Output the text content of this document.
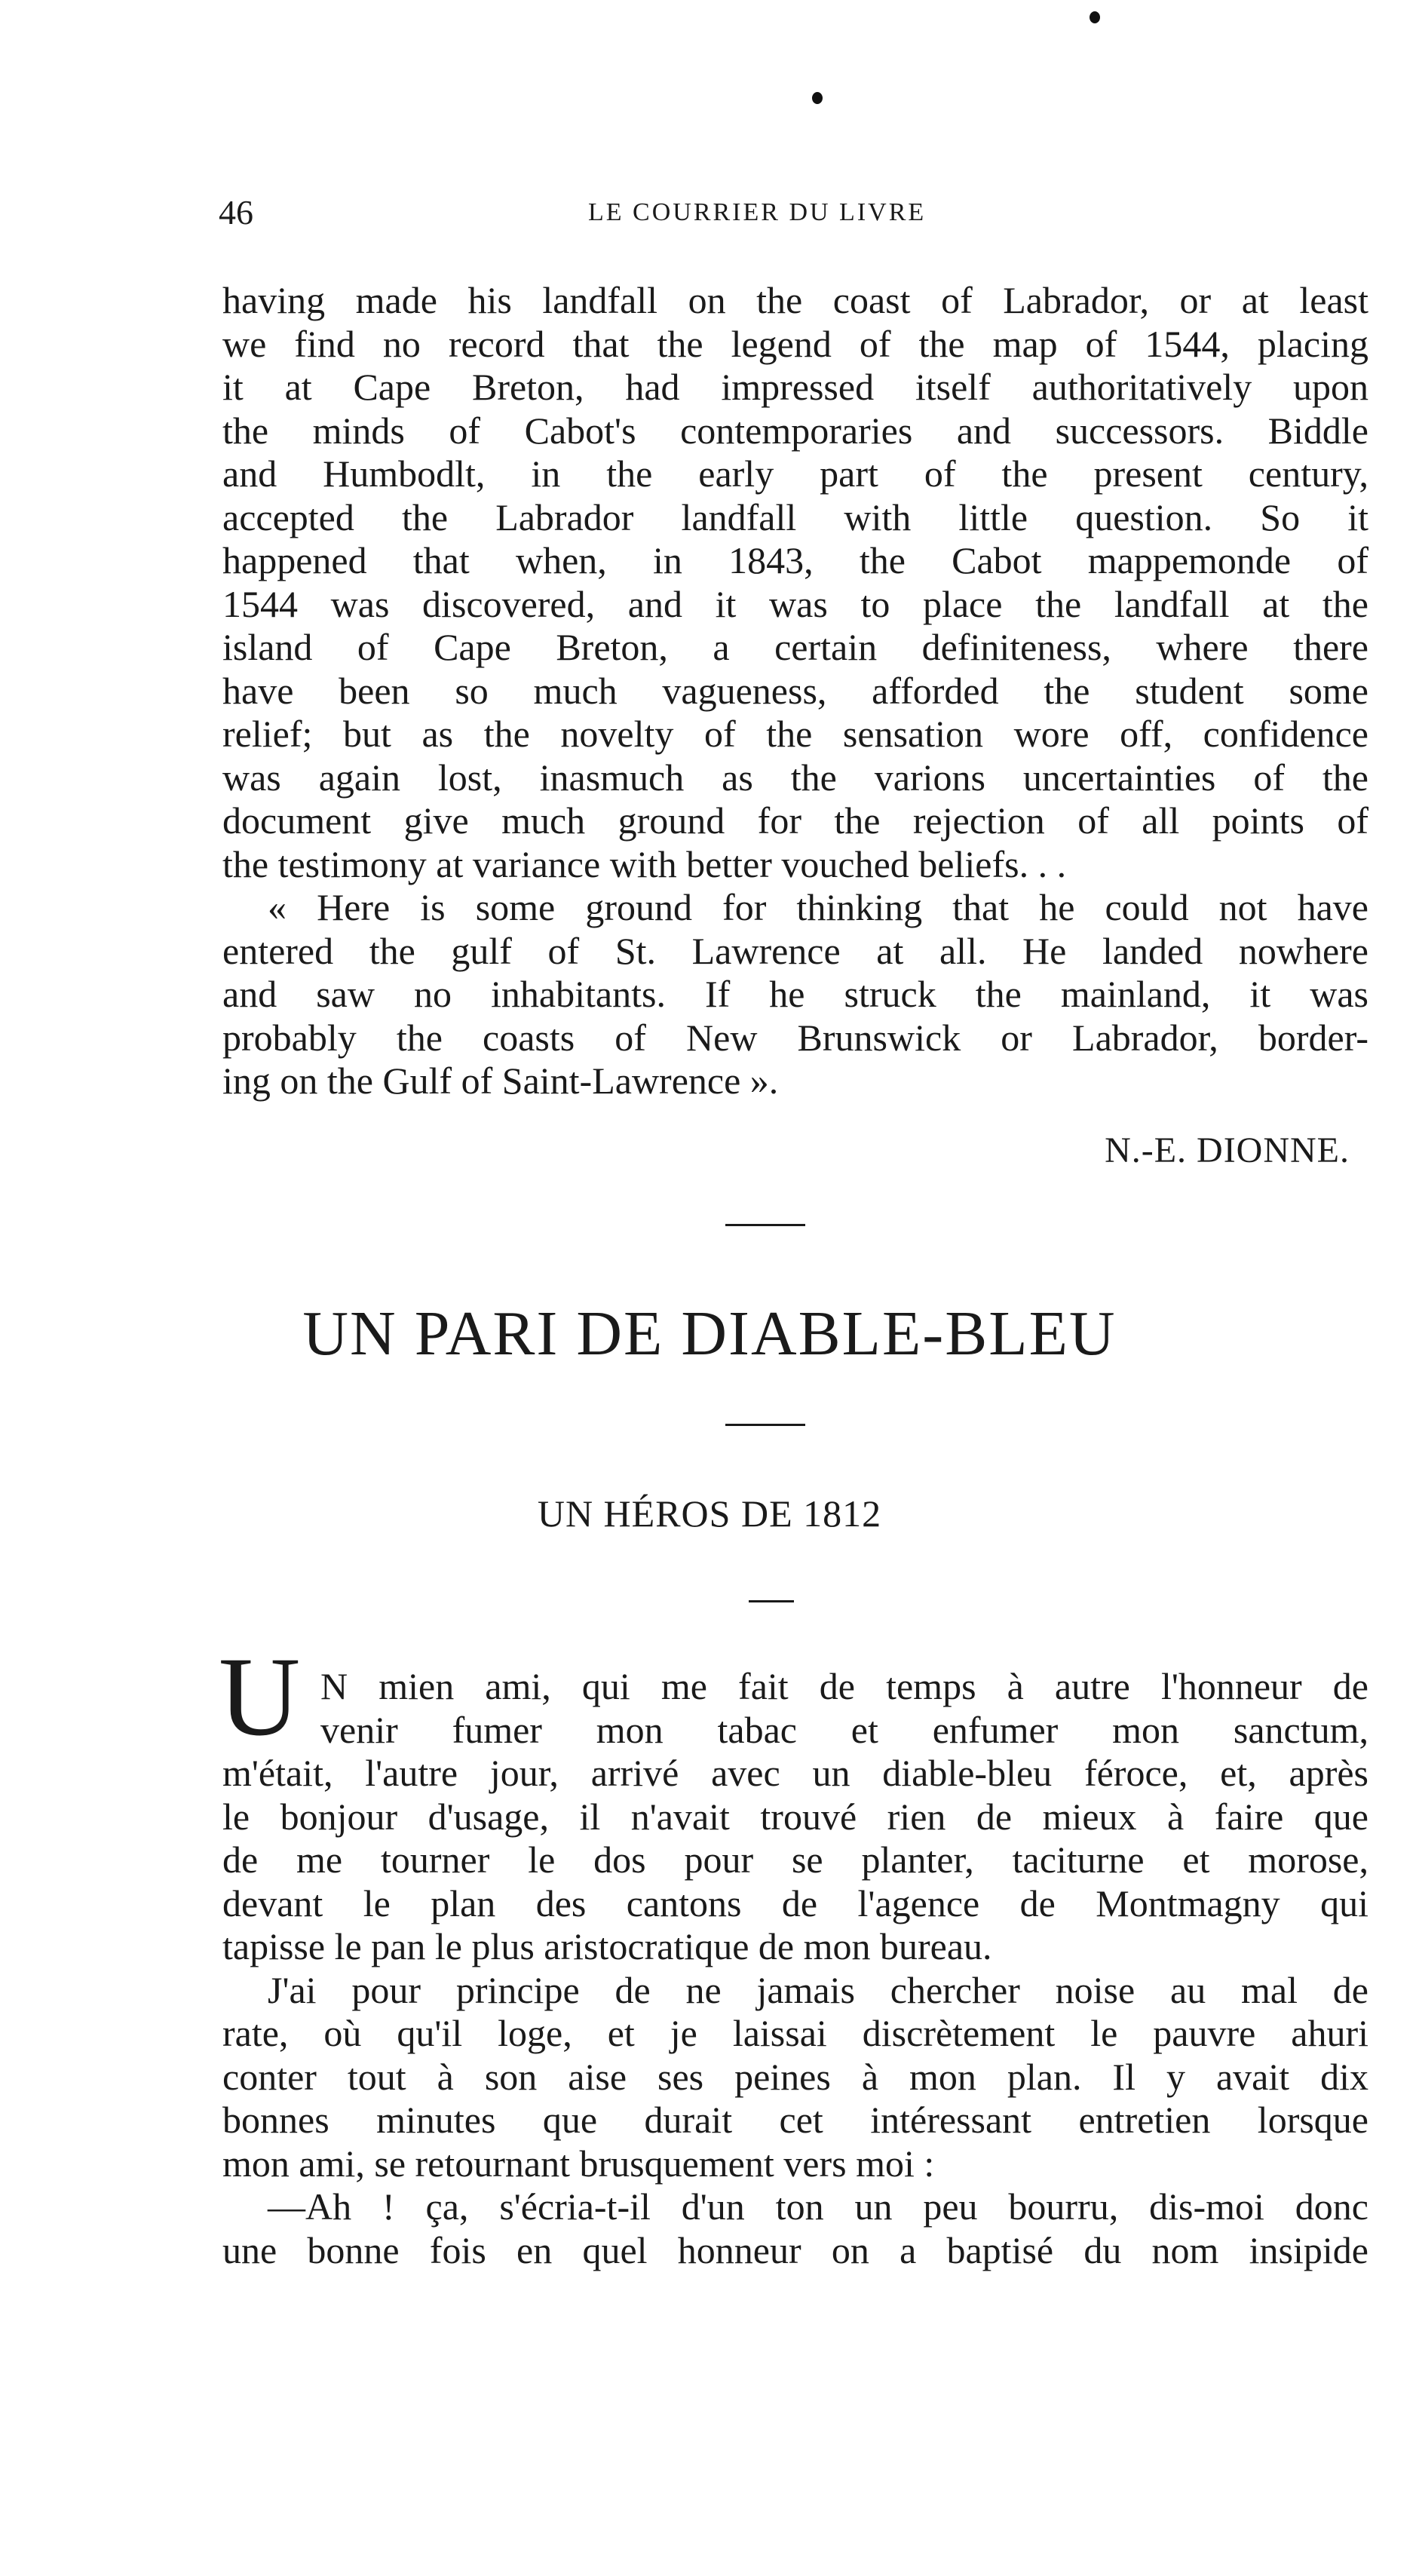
46	LE COURRIER DU LIVRE
having made his landfall on the coast of Labrador, or at least
we find no record that the legend of the map of 1544, placing
it at Cape Breton, had impressed itself authoritatively upon
the minds of Cabot's contemporaries and successors. Biddle
and Humbodlt, in the early part of the present century,
accepted the Labrador landfall with little question. So it
happened that when, in 1843, the Cabot mappemonde of
1544 was discovered, and it was to place the landfall at the
island of Cape Breton, a certain definiteness, where there
have been so much vagueness, afforded the student some
relief; but as the novelty of the sensation wore off, confidence
was again lost, inasmuch as the varions uncertainties of the
document give much ground for the rejection of all points of
the testimony at variance with better vouched beliefs. . .
« Here is some ground for thinking that he could not have
entered the gulf of St. Lawrence at all. He landed nowhere
and saw no inhabitants. If he struck the mainland, it was
probably the coasts of New Brunswick or Labrador, border-
ing on the Gulf of Saint-Lawrence ».
N.-E. DIONNE.
UN PARI DE DIABLE-BLEU
UN HÉROS DE 1812
U N mien ami, qui me fait de temps à autre l'honneur de
venir fumer mon tabac et enfumer mon sanctum,
m'était, l'autre jour, arrivé avec un diable-bleu féroce, et, après
le bonjour d'usage, il n'avait trouvé rien de mieux à faire que
de me tourner le dos pour se planter, taciturne et morose,
devant le plan des cantons de l'agence de Montmagny qui
tapisse le pan le plus aristocratique de mon bureau.
J'ai pour principe de ne jamais chercher noise au mal de
rate, où qu'il loge, et je laissai discrètement le pauvre ahuri
conter tout à son aise ses peines à mon plan. Il y avait dix
bonnes minutes que durait cet intéressant entretien lorsque
mon ami, se retournant brusquement vers moi :
—Ah ! ça, s'écria-t-il d'un ton un peu bourru, dis-moi donc
une bonne fois en quel honneur on a baptisé du nom insipide
